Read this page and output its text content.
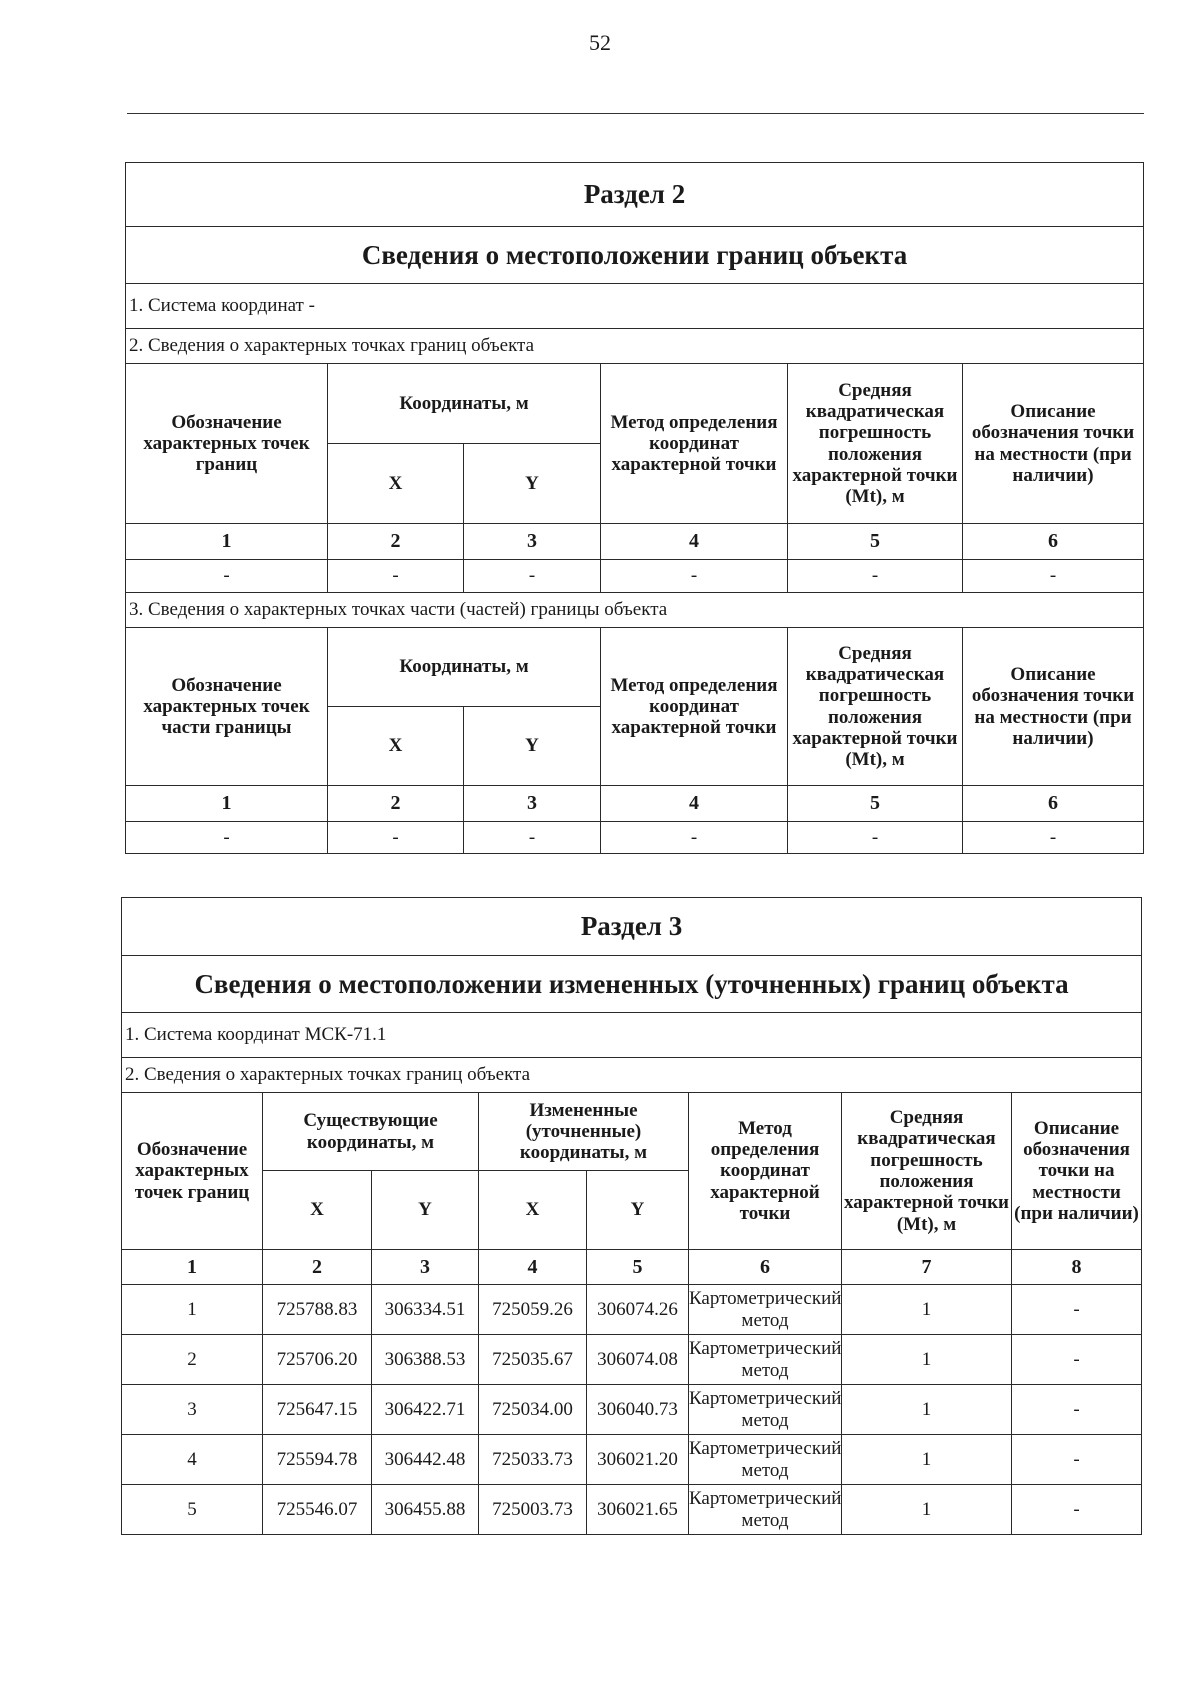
52
Раздел 2					
Сведения о местоположении границ объекта					
1. Система координат -					
2. Сведения о характерных точках границ объекта					
Обозначение характерных точек границ	Координаты, м		Метод определения координат характерной точки	Средняя квадратическая погрешность положения характерной точки (Mt), м	Описание обозначения точки на местности (при наличии)
	X	Y			
1	2	3	4	5	6
-	-	-	-	-	-
3. Сведения о характерных точках части (частей) границы объекта					
Обозначение характерных точек части границы	Координаты, м		Метод определения координат характерной точки	Средняя квадратическая погрешность положения характерной точки (Mt), м	Описание обозначения точки на местности (при наличии)
	X	Y			
1	2	3	4	5	6
-	-	-	-	-	-
Раздел 3							
Сведения о местоположении измененных (уточненных) границ объекта							
1. Система координат МСК-71.1							
2. Сведения о характерных точках границ объекта							
Обозначение характерных точек границ	Существующие координаты, м		Измененные (уточненные) координаты, м		Метод определения координат характерной точки	Средняя квадратическая погрешность положения характерной точки (Mt), м	Описание обозначения точки на местности (при наличии)
	X	Y	X	Y			
1	2	3	4	5	6	7	8
1	725788.83	306334.51	725059.26	306074.26	Картометрический метод	1	-
2	725706.20	306388.53	725035.67	306074.08	Картометрический метод	1	-
3	725647.15	306422.71	725034.00	306040.73	Картометрический метод	1	-
4	725594.78	306442.48	725033.73	306021.20	Картометрический метод	1	-
5	725546.07	306455.88	725003.73	306021.65	Картометрический метод	1	-
